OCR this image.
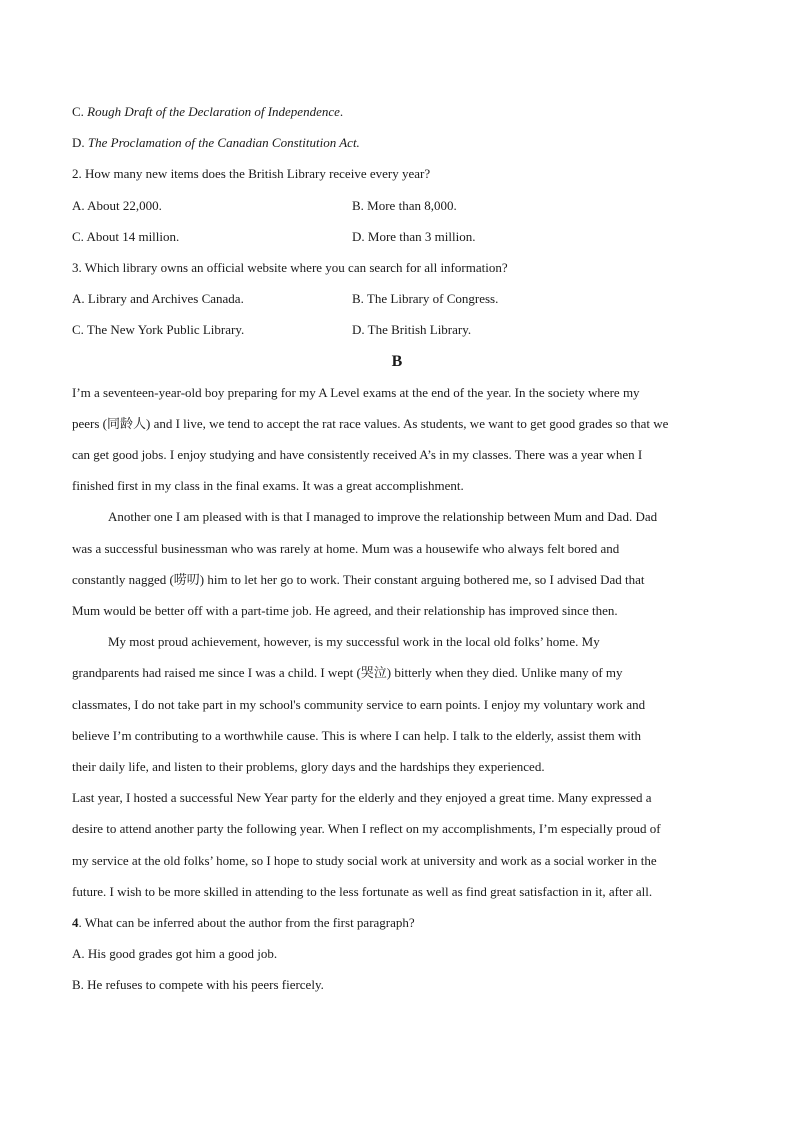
C. Rough Draft of the Declaration of Independence.
D. The Proclamation of the Canadian Constitution Act.
2. How many new items does the British Library receive every year?
A. About 22,000.	B. More than 8,000.
C. About 14 million.	D. More than 3 million.
3. Which library owns an official website where you can search for all information?
A. Library and Archives Canada.	B. The Library of Congress.
C. The New York Public Library.	D. The British Library.
B
I’m a seventeen-year-old boy preparing for my A Level exams at the end of the year. In the society where my
peers (同龄人) and I live, we tend to accept the rat race values. As students, we want to get good grades so that we
can get good jobs. I enjoy studying and have consistently received A’s in my classes. There was a year when I
finished first in my class in the final exams. It was a great accomplishment.
Another one I am pleased with is that I managed to improve the relationship between Mum and Dad. Dad
was a successful businessman who was rarely at home. Mum was a housewife who always felt bored and
constantly nagged (唠叨) him to let her go to work. Their constant arguing bothered me, so I advised Dad that
Mum would be better off with a part-time job. He agreed, and their relationship has improved since then.
My most proud achievement, however, is my successful work in the local old folks’ home. My
grandparents had raised me since I was a child. I wept (哭泣) bitterly when they died. Unlike many of my
classmates, I do not take part in my school's community service to earn points. I enjoy my voluntary work and
believe I’m contributing to a worthwhile cause. This is where I can help. I talk to the elderly, assist them with
their daily life, and listen to their problems, glory days and the hardships they experienced.
Last year, I hosted a successful New Year party for the elderly and they enjoyed a great time. Many expressed a
desire to attend another party the following year. When I reflect on my accomplishments, I’m especially proud of
my service at the old folks’ home, so I hope to study social work at university and work as a social worker in the
future. I wish to be more skilled in attending to the less fortunate as well as find great satisfaction in it, after all.
4. What can be inferred about the author from the first paragraph?
A. His good grades got him a good job.
B. He refuses to compete with his peers fiercely.
